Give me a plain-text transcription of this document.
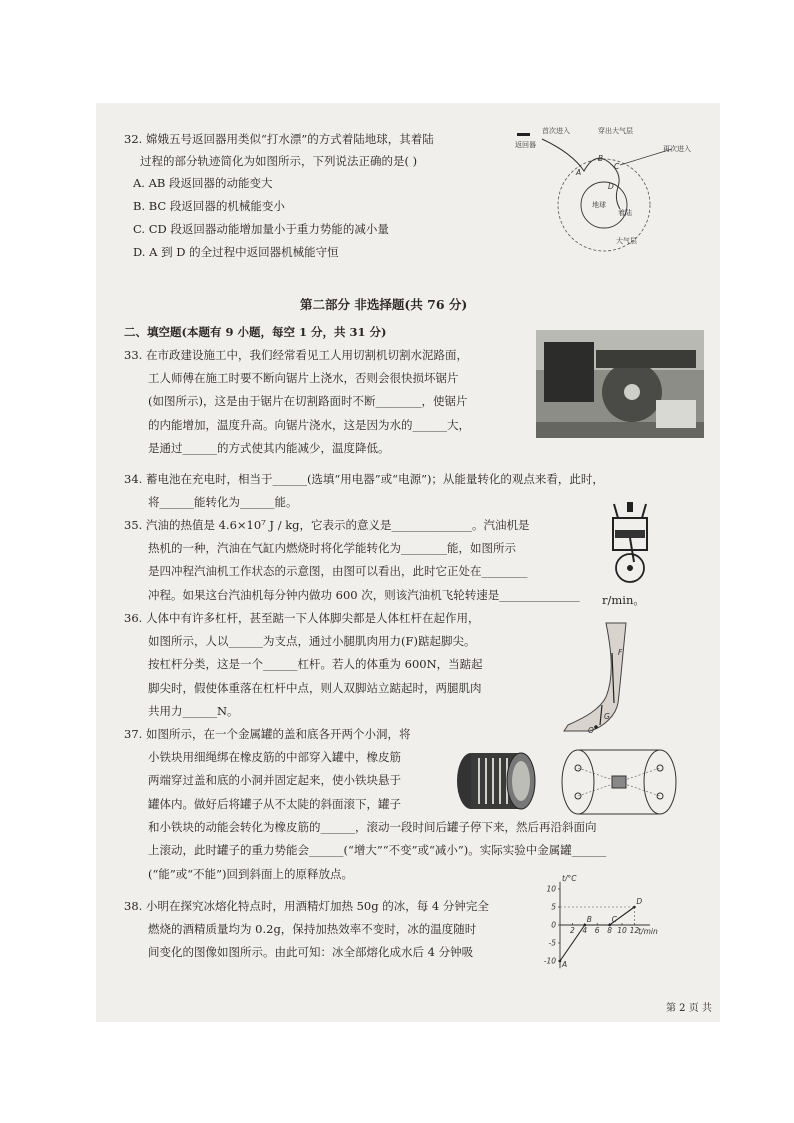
32. 嫦娥五号返回器用类似“打水漂”的方式着陆地球，其着陆
过程的部分轨迹简化为如图所示，下列说法正确的是( )
A. AB 段返回器的动能变大
B. BC 段返回器的机械能变小
C. CD 段返回器动能增加量小于重力势能的减小量
D. A 到 D 的全过程中返回器机械能守恒
返回器
首次进入	穿出大气层
再次进入
地球
着陆
大气层
A
B
C
D
第二部分 非选择题(共 76 分)
二、填空题(本题有 9 小题，每空 1 分，共 31 分)
33. 在市政建设施工中，我们经常看见工人用切割机切割水泥路面，
工人师傅在施工时要不断向锯片上浇水，否则会很快损坏锯片
(如图所示)，这是由于锯片在切割路面时不断________，使锯片
的内能增加，温度升高。向锯片浇水，这是因为水的______大，
是通过______的方式使其内能减少，温度降低。
34. 蓄电池在充电时，相当于______(选填“用电器”或“电源”)；从能量转化的观点来看，此时，
将______能转化为______能。
35. 汽油的热值是 4.6×10⁷ J / kg，它表示的意义是______________。汽油机是
热机的一种，汽油在气缸内燃烧时将化学能转化为________能，如图所示
是四冲程汽油机工作状态的示意图，由图可以看出，此时它正处在________
冲程。如果这台汽油机每分钟内做功 600 次，则该汽油机飞轮转速是______________ r/min。
36. 人体中有许多杠杆，甚至踮一下人体脚尖都是人体杠杆在起作用，
如图所示，人以______为支点，通过小腿肌肉用力(F)踮起脚尖。
按杠杆分类，这是一个______杠杆。若人的体重为 600N，当踮起
脚尖时，假使体重落在杠杆中点，则人双脚站立踮起时，两腿肌肉
共用力______N。
F
G
O
37. 如图所示，在一个金属罐的盖和底各开两个小洞，将
小铁块用细绳绑在橡皮筋的中部穿入罐中，橡皮筋
两端穿过盖和底的小洞并固定起来，使小铁块悬于
罐体内。做好后将罐子从不太陡的斜面滚下，罐子
和小铁块的动能会转化为橡皮筋的______，滚动一段时间后罐子停下来，然后再沿斜面向
上滚动，此时罐子的重力势能会______(“增大”“不变”或“减小”)。实际实验中金属罐______
(“能”或“不能”)回到斜面上的原释放点。
38. 小明在探究冰熔化特点时，用酒精灯加热 50g 的冰，每 4 分钟完全
燃烧的酒精质量均为 0.2g，保持加热效率不变时，冰的温度随时
间变化的图像如图所示。由此可知：冰全部熔化成水后 4 分钟吸
t/°C
t/min
10
5
0
-5
-10
2 4 6 8 10 12
A
B	C
D
第 2 页 共
